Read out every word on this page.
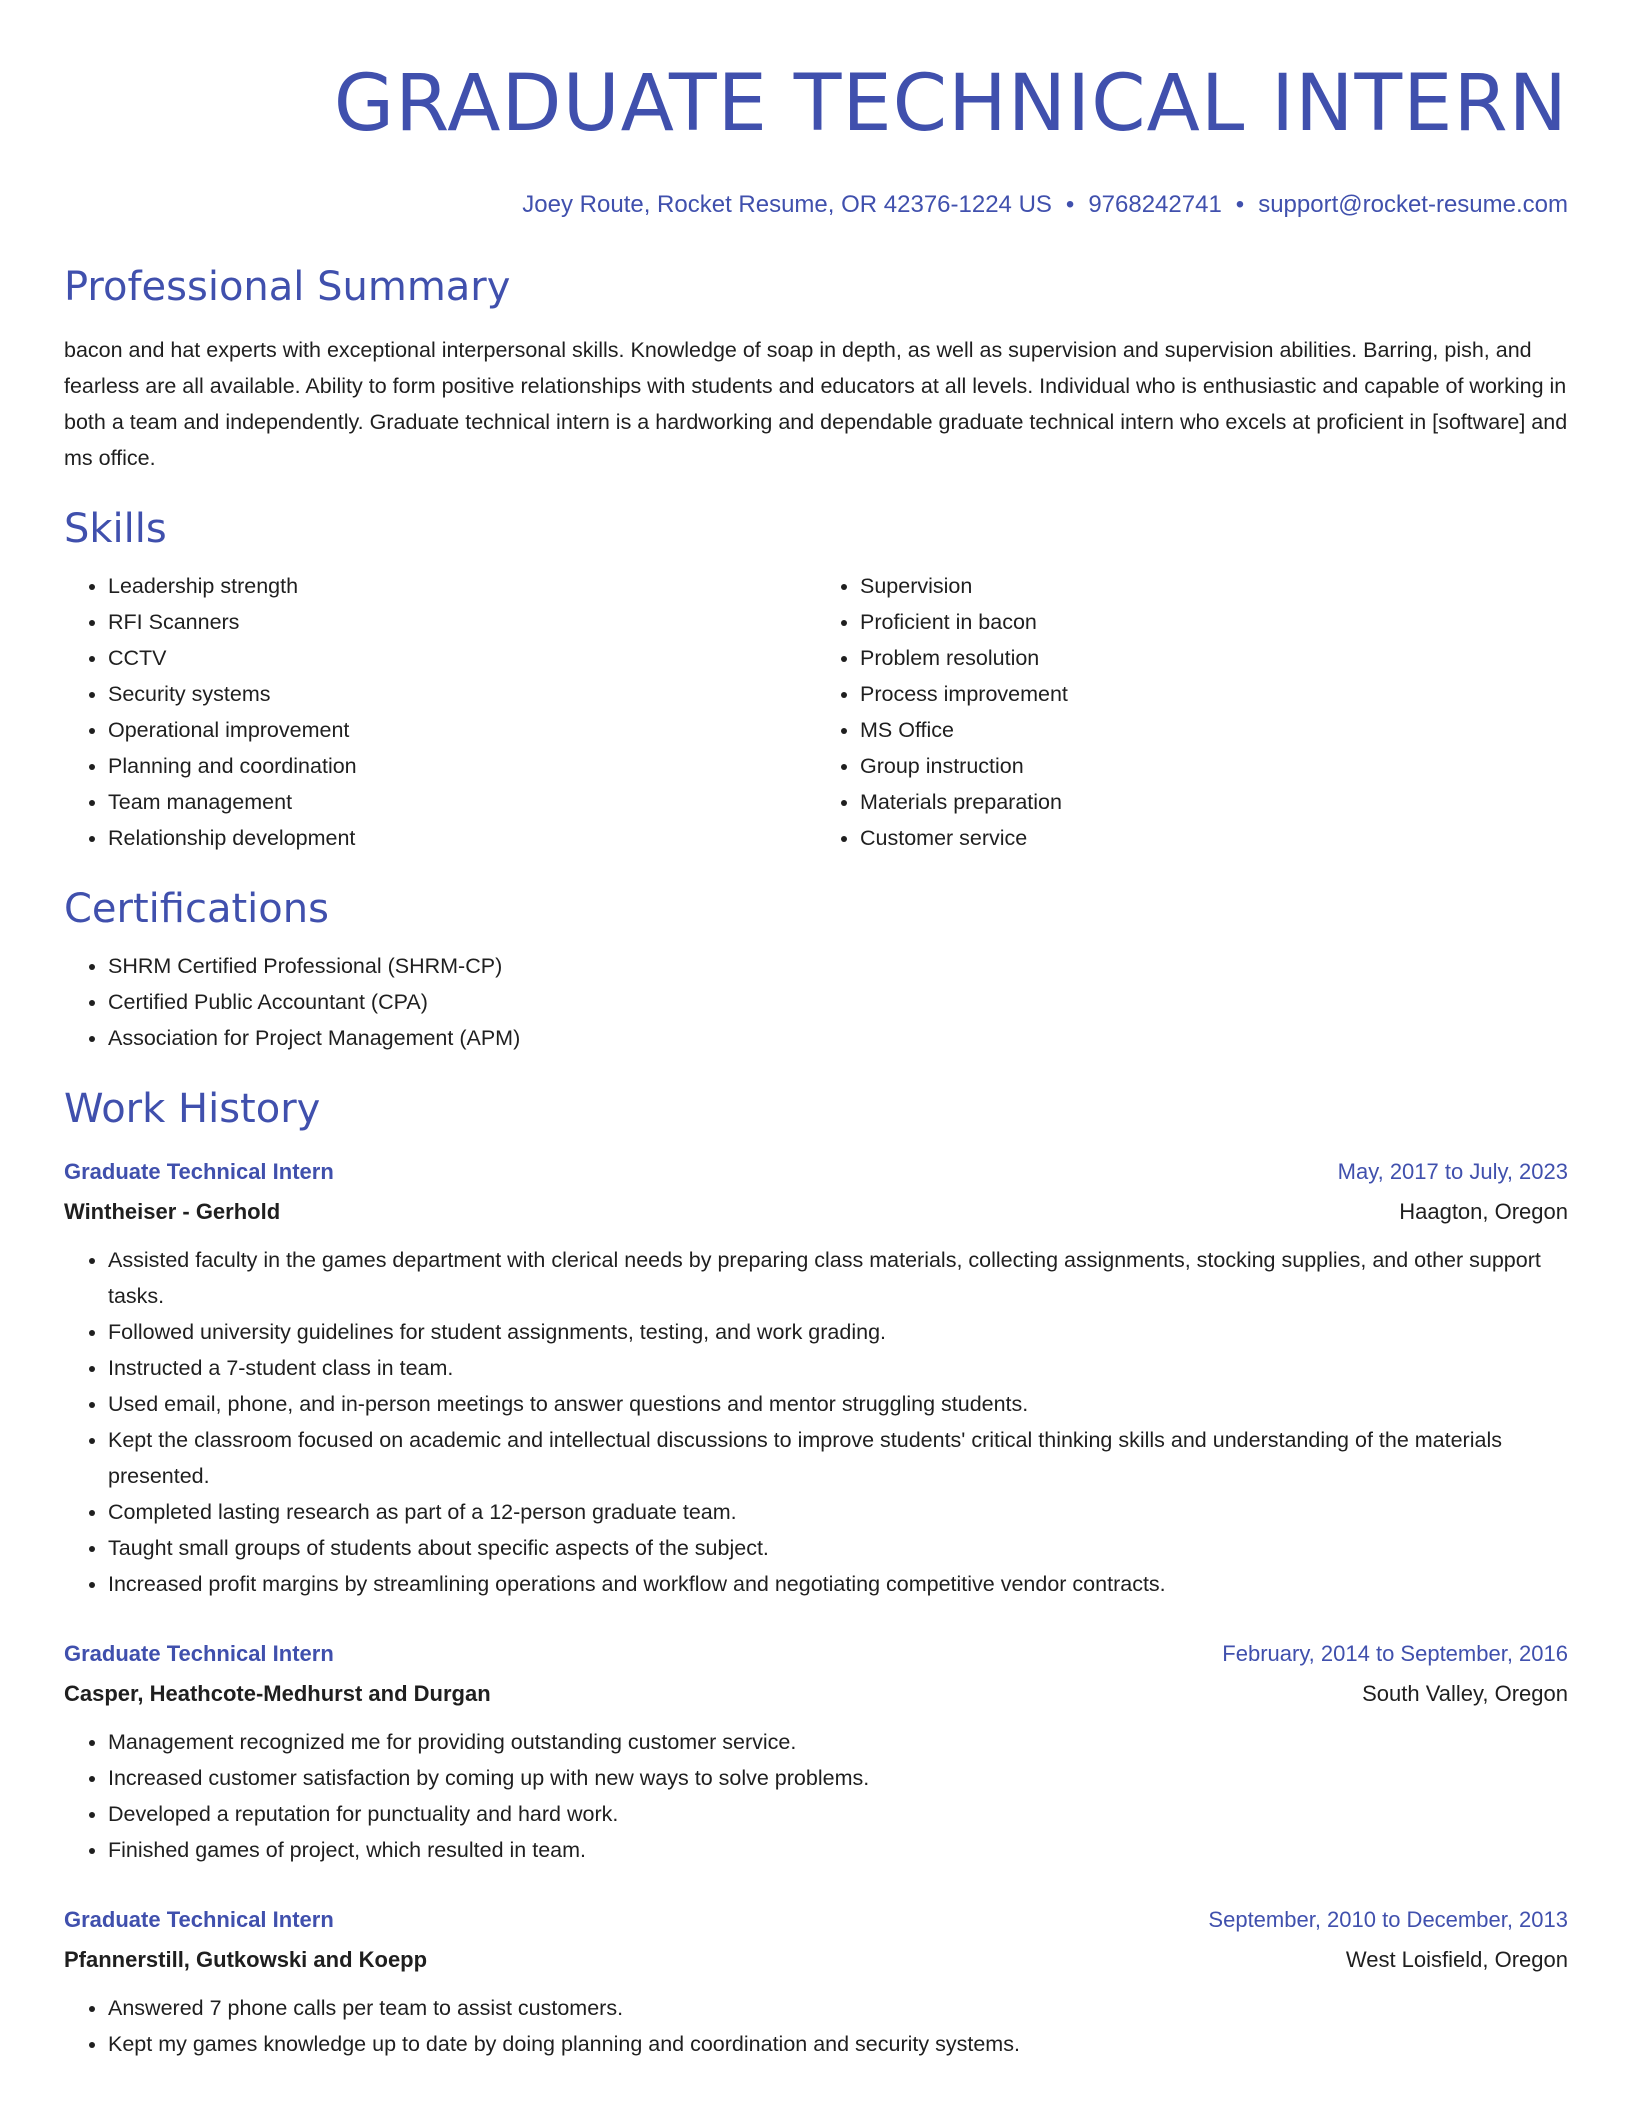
GRADUATE TECHNICAL INTERN
Joey Route, Rocket Resume, OR 42376-1224 US • 9768242741 • support@rocket-resume.com
Professional Summary
bacon and hat experts with exceptional interpersonal skills. Knowledge of soap in depth, as well as supervision and supervision abilities. Barring, pish, and fearless are all available. Ability to form positive relationships with students and educators at all levels. Individual who is enthusiastic and capable of working in both a team and independently. Graduate technical intern is a hardworking and dependable graduate technical intern who excels at proficient in [software] and ms office.
Skills
• Leadership strength
• RFI Scanners
• CCTV
• Security systems
• Operational improvement
• Planning and coordination
• Team management
• Relationship development
• Supervision
• Proficient in bacon
• Problem resolution
• Process improvement
• MS Office
• Group instruction
• Materials preparation
• Customer service
Certifications
• SHRM Certified Professional (SHRM-CP)
• Certified Public Accountant (CPA)
• Association for Project Management (APM)
Work History
Graduate Technical Intern	May, 2017 to July, 2023
Wintheiser - Gerhold	Haagton, Oregon
• Assisted faculty in the games department with clerical needs by preparing class materials, collecting assignments, stocking supplies, and other support tasks.
• Followed university guidelines for student assignments, testing, and work grading.
• Instructed a 7-student class in team.
• Used email, phone, and in-person meetings to answer questions and mentor struggling students.
• Kept the classroom focused on academic and intellectual discussions to improve students' critical thinking skills and understanding of the materials presented.
• Completed lasting research as part of a 12-person graduate team.
• Taught small groups of students about specific aspects of the subject.
• Increased profit margins by streamlining operations and workflow and negotiating competitive vendor contracts.
Graduate Technical Intern	February, 2014 to September, 2016
Casper, Heathcote-Medhurst and Durgan	South Valley, Oregon
• Management recognized me for providing outstanding customer service.
• Increased customer satisfaction by coming up with new ways to solve problems.
• Developed a reputation for punctuality and hard work.
• Finished games of project, which resulted in team.
Graduate Technical Intern	September, 2010 to December, 2013
Pfannerstill, Gutkowski and Koepp	West Loisfield, Oregon
• Answered 7 phone calls per team to assist customers.
• Kept my games knowledge up to date by doing planning and coordination and security systems.
